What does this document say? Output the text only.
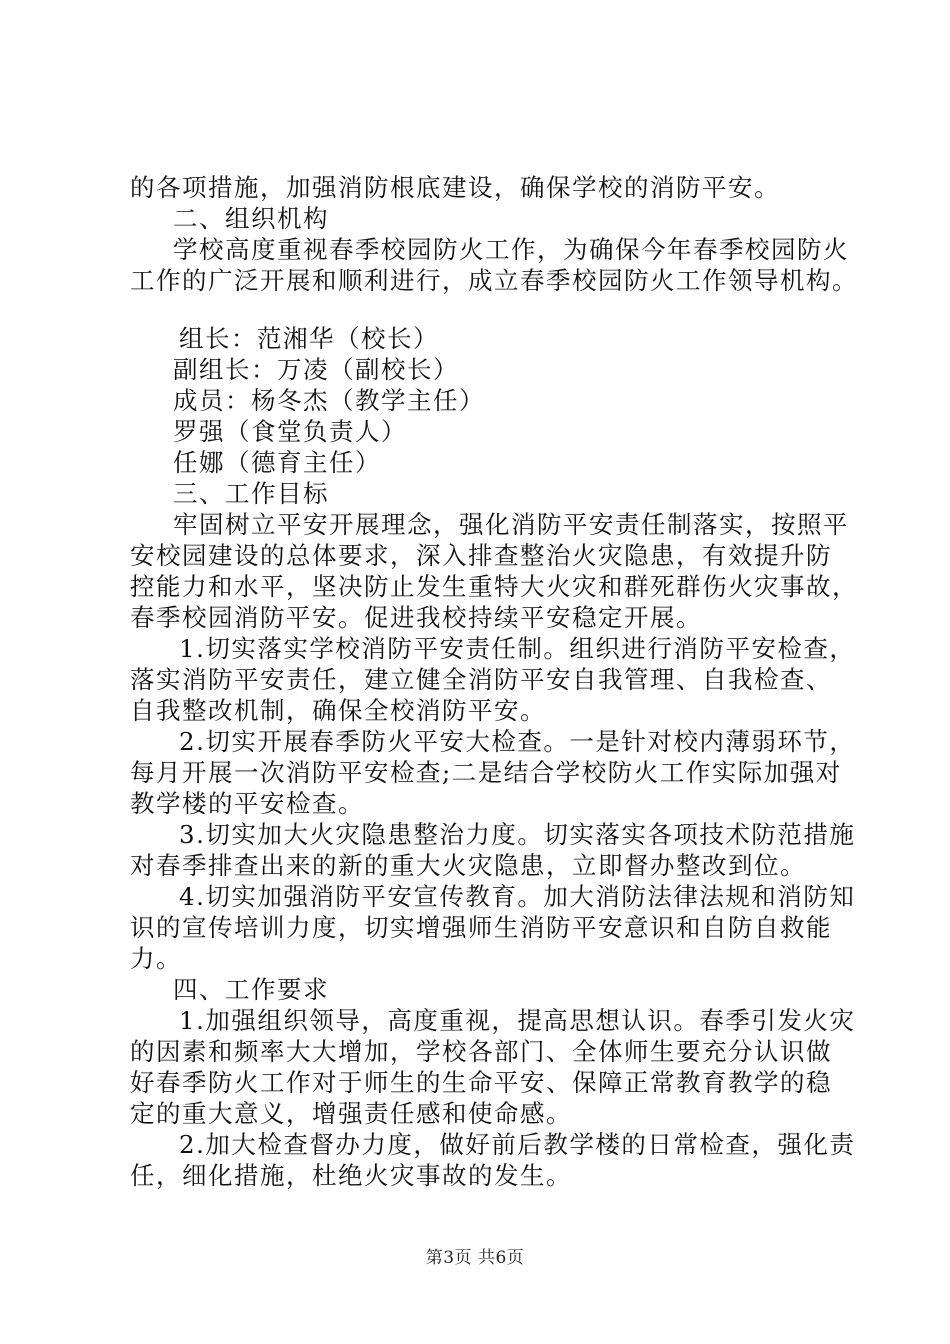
的各项措施，加强消防根底建设，确保学校的消防平安。
二、组织机构
学校高度重视春季校园防火工作，为确保今年春季校园防火
工作的广泛开展和顺利进行，成立春季校园防火工作领导机构。
组长：范湘华（校长）
副组长：万凌（副校长）
成员：杨冬杰（教学主任）
罗强（食堂负责人）
任娜（德育主任）
三、工作目标
牢固树立平安开展理念，强化消防平安责任制落实，按照平
安校园建设的总体要求，深入排查整治火灾隐患，有效提升防
控能力和水平，坚决防止发生重特大火灾和群死群伤火灾事故，
春季校园消防平安。促进我校持续平安稳定开展。
1.切实落实学校消防平安责任制。组织进行消防平安检查，
落实消防平安责任，建立健全消防平安自我管理、自我检查、
自我整改机制，确保全校消防平安。
2.切实开展春季防火平安大检查。一是针对校内薄弱环节，
每月开展一次消防平安检查;二是结合学校防火工作实际加强对
教学楼的平安检查。
3.切实加大火灾隐患整治力度。切实落实各项技术防范措施
对春季排查出来的新的重大火灾隐患，立即督办整改到位。
4.切实加强消防平安宣传教育。加大消防法律法规和消防知
识的宣传培训力度，切实增强师生消防平安意识和自防自救能
力。
四、工作要求
1.加强组织领导，高度重视，提高思想认识。春季引发火灾
的因素和频率大大增加，学校各部门、全体师生要充分认识做
好春季防火工作对于师生的生命平安、保障正常教育教学的稳
定的重大意义，增强责任感和使命感。
2.加大检查督办力度，做好前后教学楼的日常检查，强化责
任，细化措施，杜绝火灾事故的发生。
第3页 共6页
